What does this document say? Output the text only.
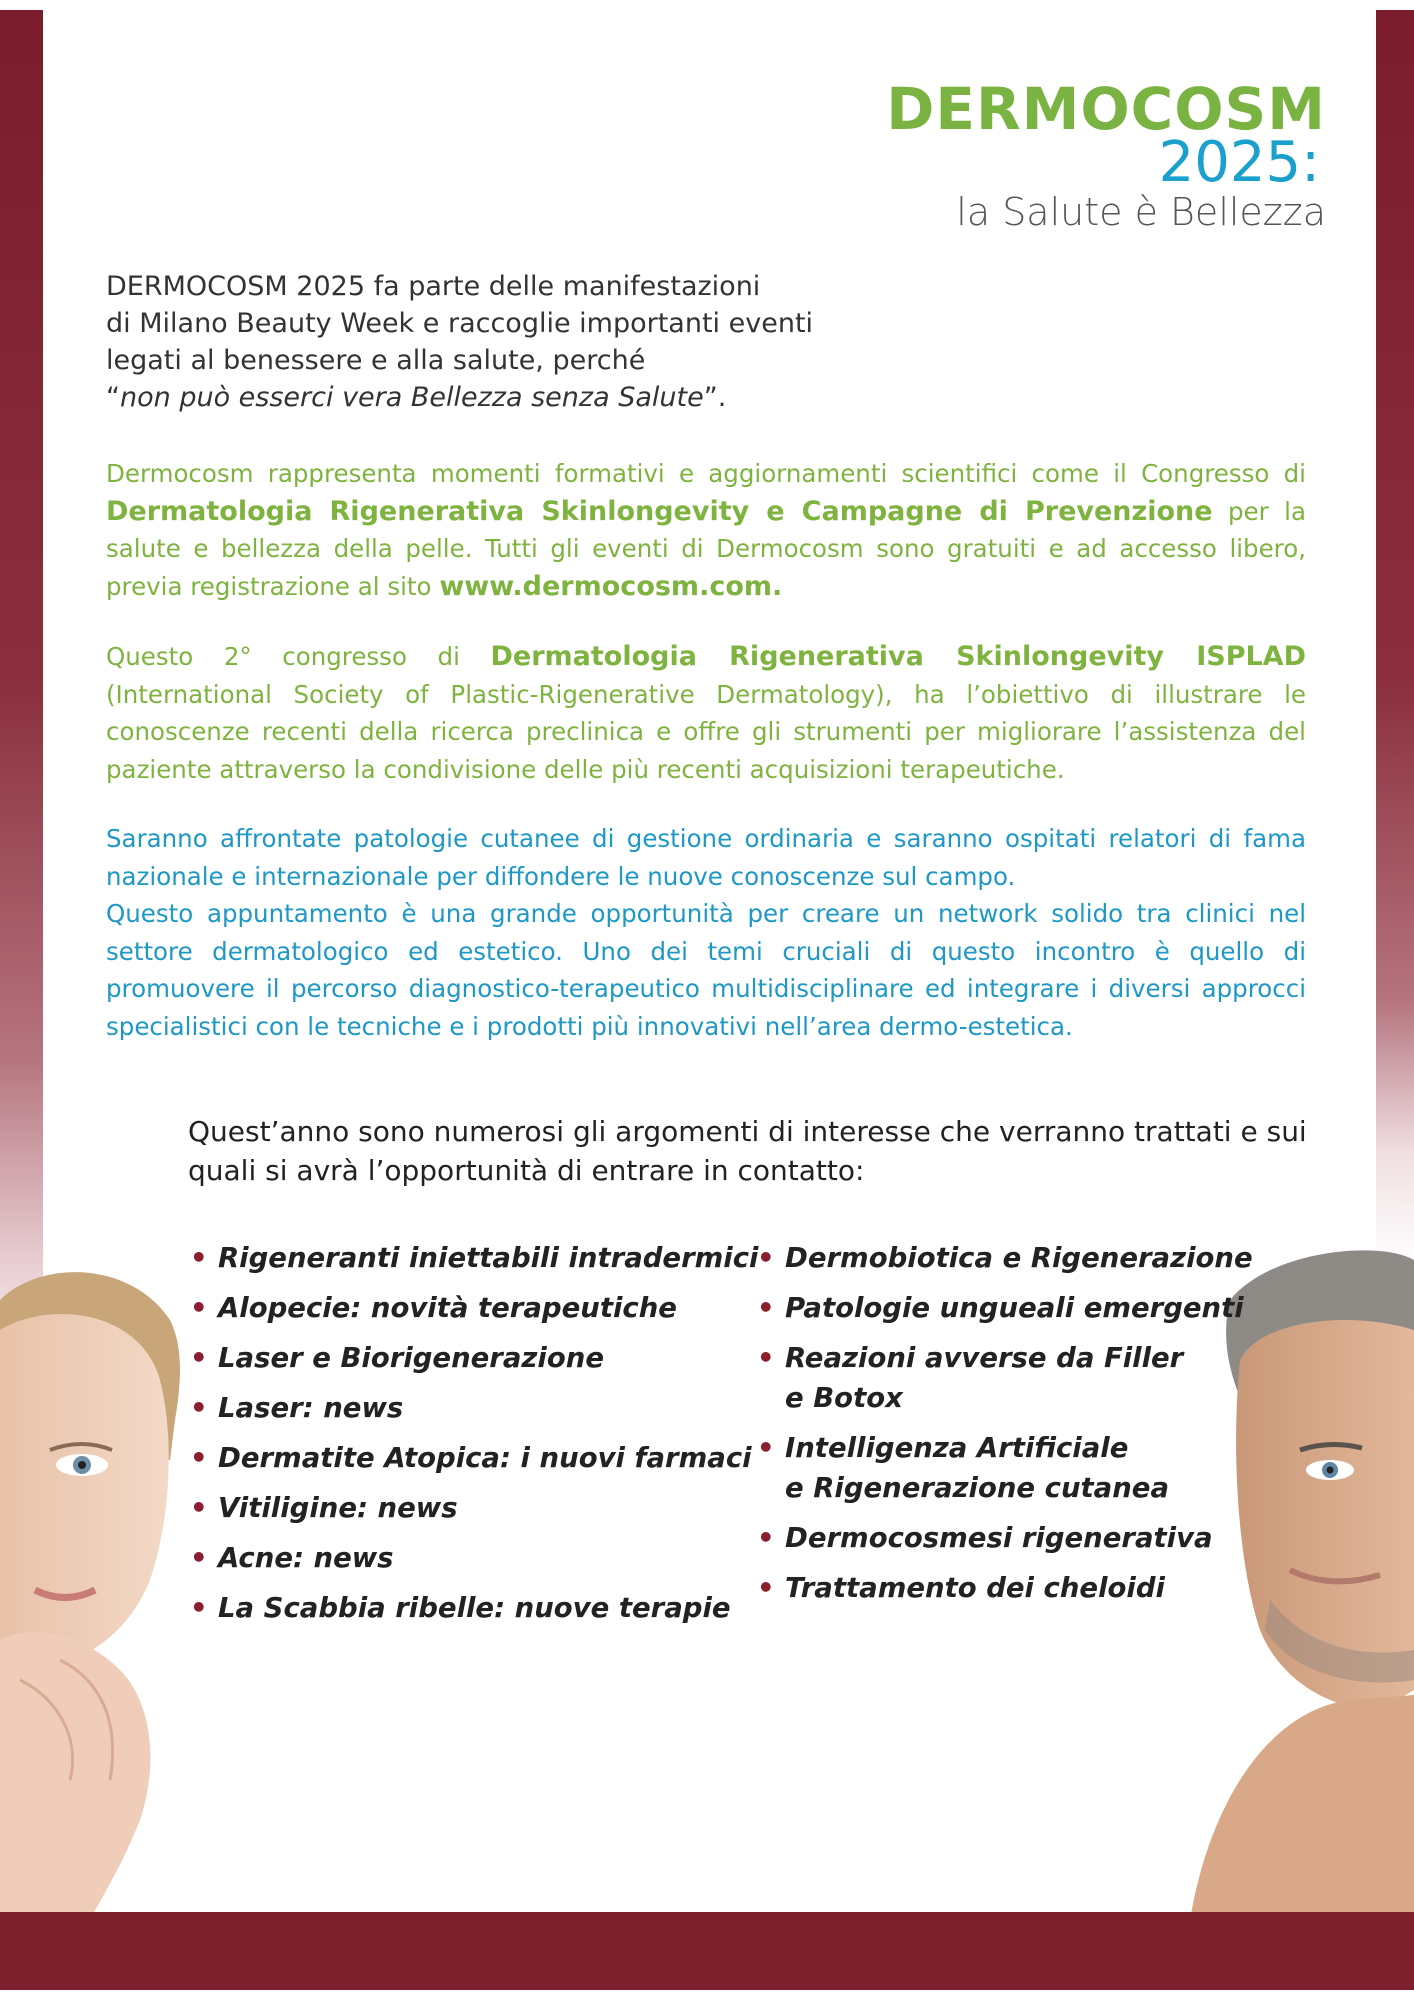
DERMOCOSM
2025:
la Salute è Bellezza
DERMOCOSM 2025 fa parte delle manifestazioni
di Milano Beauty Week e raccoglie importanti eventi
legati al benessere e alla salute, perché
“non può esserci vera Bellezza senza Salute”.
Dermocosm rappresenta momenti formativi e aggiornamenti scientifici come il Congresso di Dermatologia Rigenerativa Skinlongevity e Campagne di Prevenzione per la salute e bellezza della pelle. Tutti gli eventi di Dermocosm sono gratuiti e ad accesso libero, previa registrazione al sito www.dermocosm.com.
Questo 2° congresso di Dermatologia Rigenerativa Skinlongevity ISPLAD (International Society of Plastic-Rigenerative Dermatology), ha l’obiettivo di illustrare le conoscenze recenti della ricerca preclinica e offre gli strumenti per migliorare l’assistenza del paziente attraverso la condivisione delle più recenti acquisizioni terapeutiche.
Saranno affrontate patologie cutanee di gestione ordinaria e saranno ospitati relatori di fama nazionale e internazionale per diffondere le nuove conoscenze sul campo.
Questo appuntamento è una grande opportunità per creare un network solido tra clinici nel settore dermatologico ed estetico. Uno dei temi cruciali di questo incontro è quello di promuovere il percorso diagnostico-terapeutico multidisciplinare ed integrare i diversi approcci specialistici con le tecniche e i prodotti più innovativi nell’area dermo-estetica.
Quest’anno sono numerosi gli argomenti di interesse che verranno trattati e sui quali si avrà l’opportunità di entrare in contatto:
• Rigeneranti iniettabili intradermici
• Alopecie: novità terapeutiche
• Laser e Biorigenerazione
• Laser: news
• Dermatite Atopica: i nuovi farmaci
• Vitiligine: news
• Acne: news
• La Scabbia ribelle: nuove terapie
• Dermobiotica e Rigenerazione
• Patologie ungueali emergenti
• Reazioni avverse da Filler
e Botox
• Intelligenza Artificiale
e Rigenerazione cutanea
• Dermocosmesi rigenerativa
• Trattamento dei cheloidi
